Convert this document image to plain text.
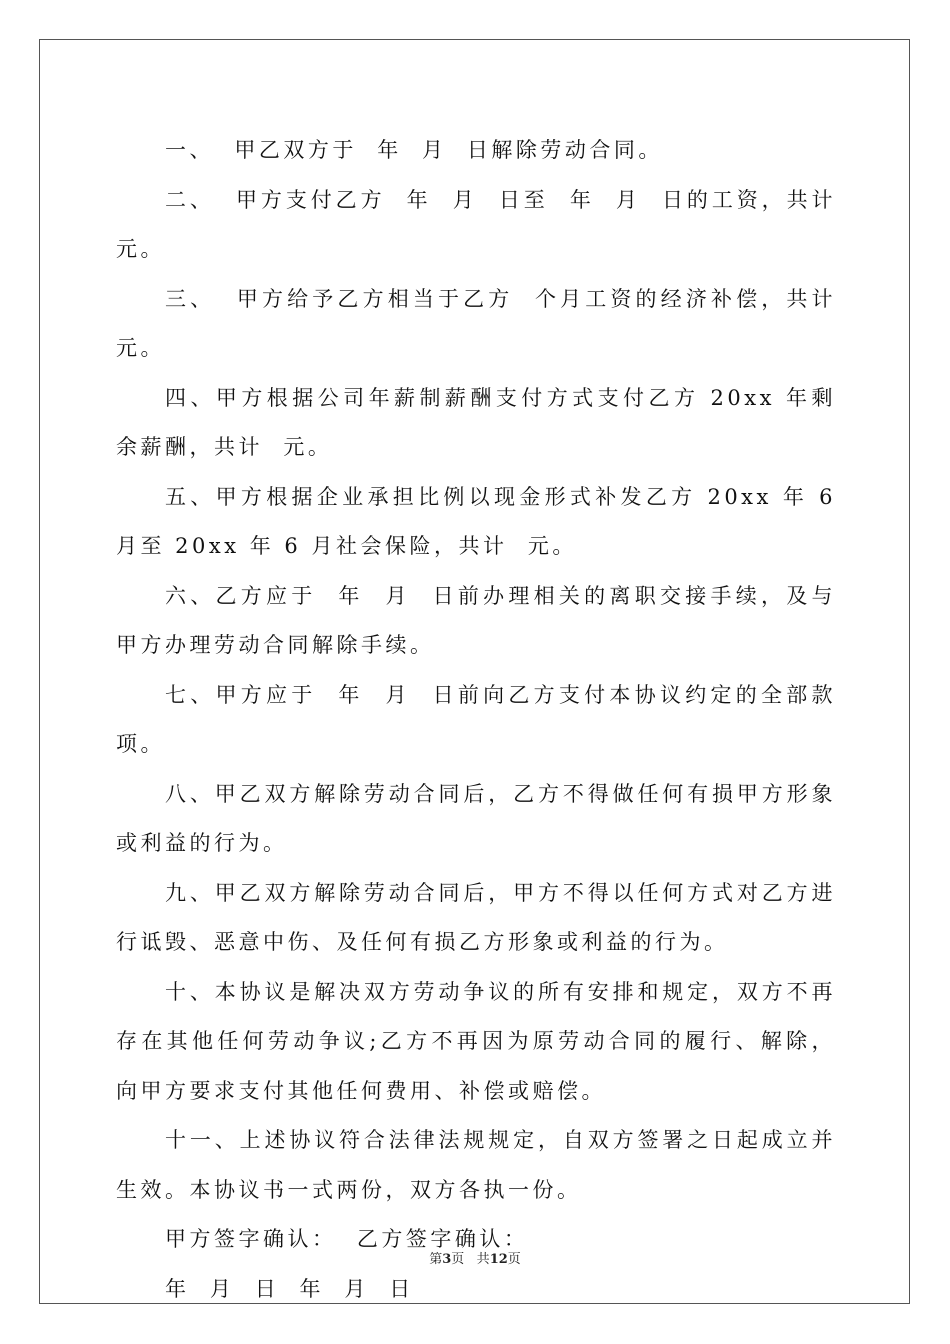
一、  甲乙双方于  年  月  日解除劳动合同。

二、  甲方支付乙方  年  月  日至  年  月  日的工资，共计  元。

三、  甲方给予乙方相当于乙方  个月工资的经济补偿，共计  元。

四、甲方根据公司年薪制薪酬支付方式支付乙方 20xx 年剩余薪酬，共计  元。

五、甲方根据企业承担比例以现金形式补发乙方 20xx 年 6 月至 20xx 年 6 月社会保险，共计  元。

六、乙方应于  年  月  日前办理相关的离职交接手续，及与甲方办理劳动合同解除手续。

七、甲方应于  年  月  日前向乙方支付本协议约定的全部款项。

八、甲乙双方解除劳动合同后，乙方不得做任何有损甲方形象或利益的行为。

九、甲乙双方解除劳动合同后，甲方不得以任何方式对乙方进行诋毁、恶意中伤、及任何有损乙方形象或利益的行为。

十、本协议是解决双方劳动争议的所有安排和规定，双方不再存在其他任何劳动争议;乙方不再因为原劳动合同的履行、解除，向甲方要求支付其他任何费用、补偿或赔偿。

十一、上述协议符合法律法规规定，自双方签署之日起成立并生效。本协议书一式两份，双方各执一份。

甲方签字确认：  乙方签字确认：

年  月  日  年  月  日

第3页 共12页
